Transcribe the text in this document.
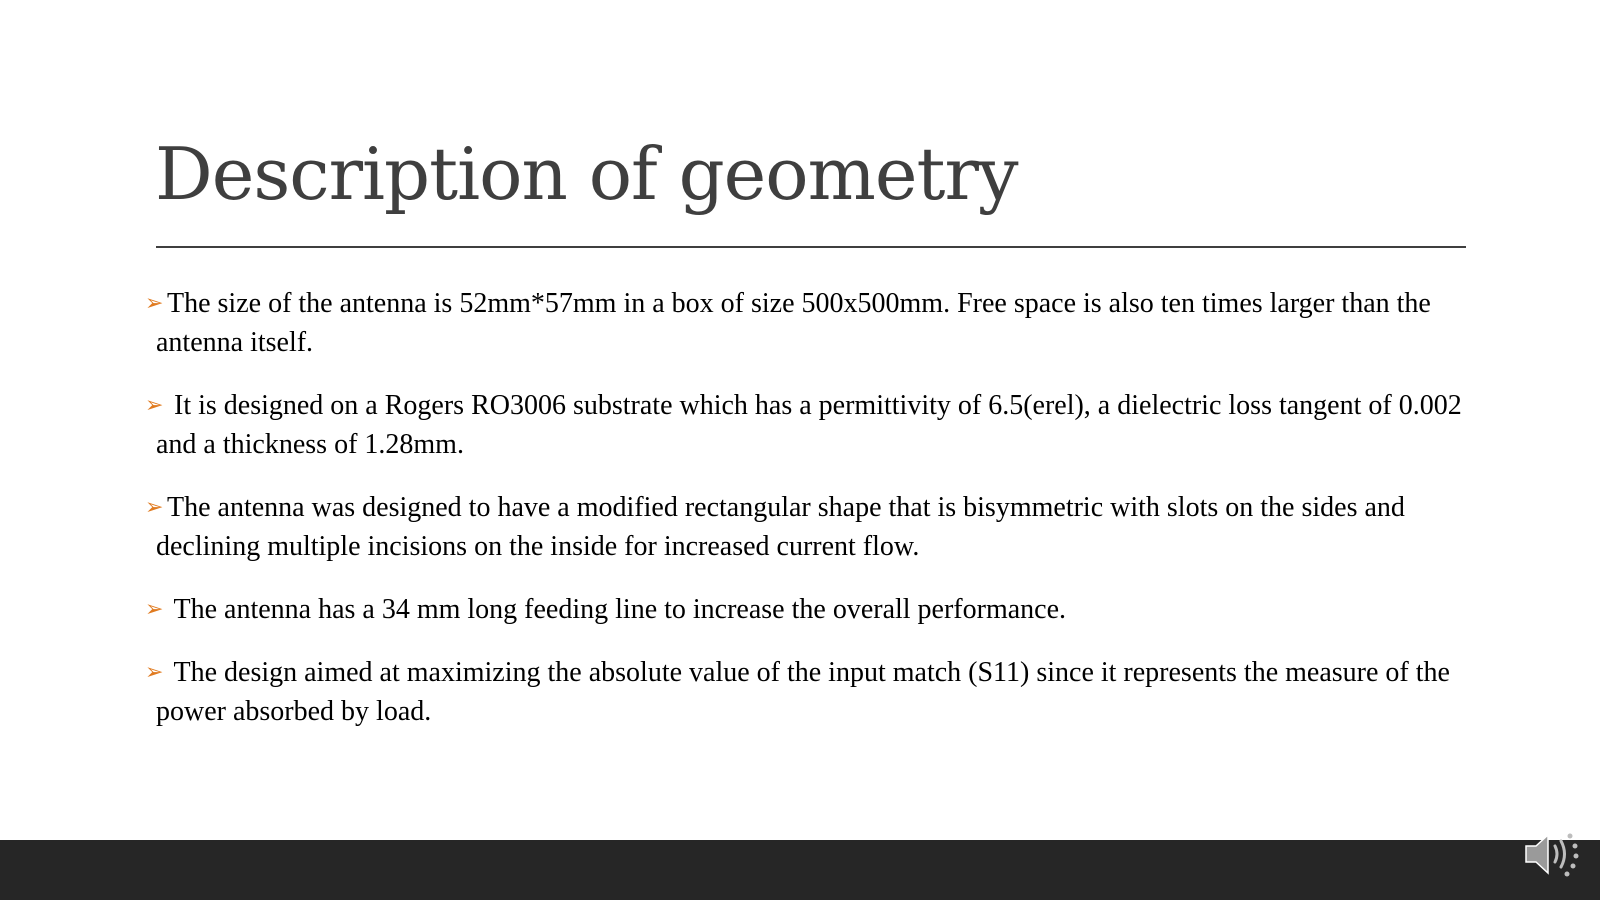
Description of geometry
➢ The size of the antenna is 52mm*57mm in a box of size 500x500mm. Free space is also ten times larger than the antenna itself.
➢ It is designed on a Rogers RO3006 substrate which has a permittivity of 6.5(erel), a dielectric loss tangent of 0.002 and a thickness of 1.28mm.
➢ The antenna was designed to have a modified rectangular shape that is bisymmetric with slots on the sides and declining multiple incisions on the inside for increased current flow.
➢ The antenna has a 34 mm long feeding line to increase the overall performance.
➢ The design aimed at maximizing the absolute value of the input match (S11) since it represents the measure of the power absorbed by load.
